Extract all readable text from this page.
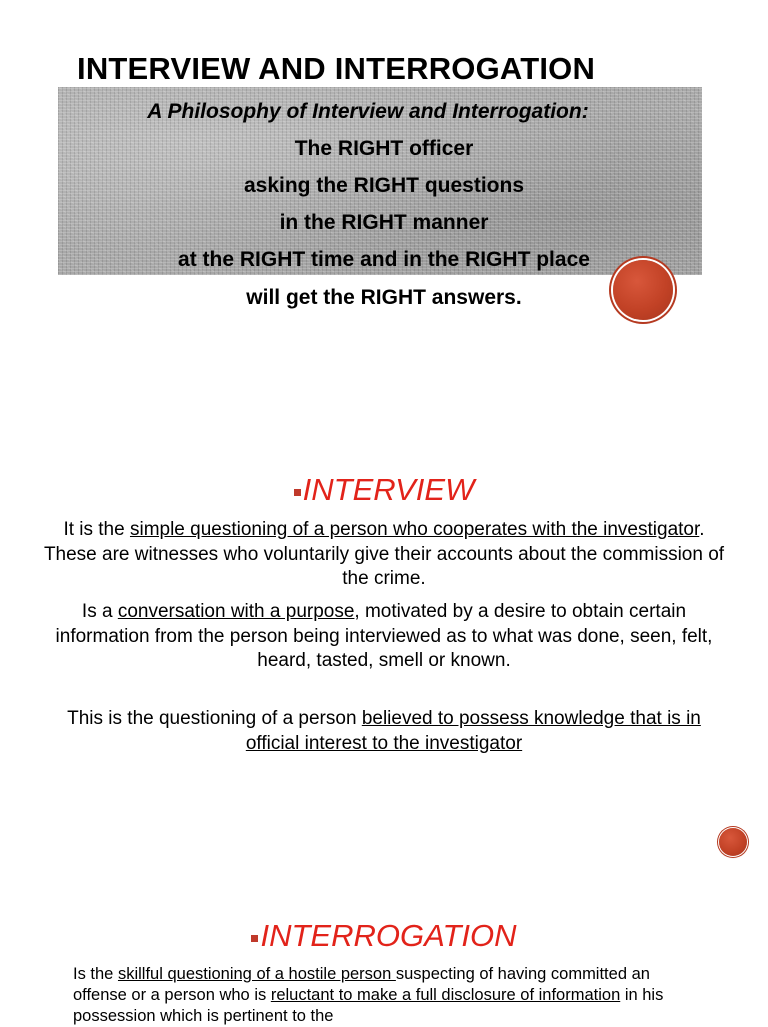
INTERVIEW AND INTERROGATION
A Philosophy of Interview and Interrogation:
The RIGHT officer
asking the RIGHT questions
in the RIGHT manner
at the RIGHT time and in the RIGHT place
will get the RIGHT answers.
INTERVIEW

It is the simple questioning of a person who cooperates with the investigator. These are witnesses who voluntarily give their accounts about the commission of the crime.

Is a conversation with a purpose, motivated by a desire to obtain certain information from the person being interviewed as to what was done, seen, felt, heard, tasted, smell or known.

This is the questioning of a person believed to possess knowledge that is in official interest to the investigator

INTERROGATION

Is the skillful questioning of a hostile person suspecting of having committed an offense or a person who is reluctant to make a full disclosure of information in his possession which is pertinent to the
